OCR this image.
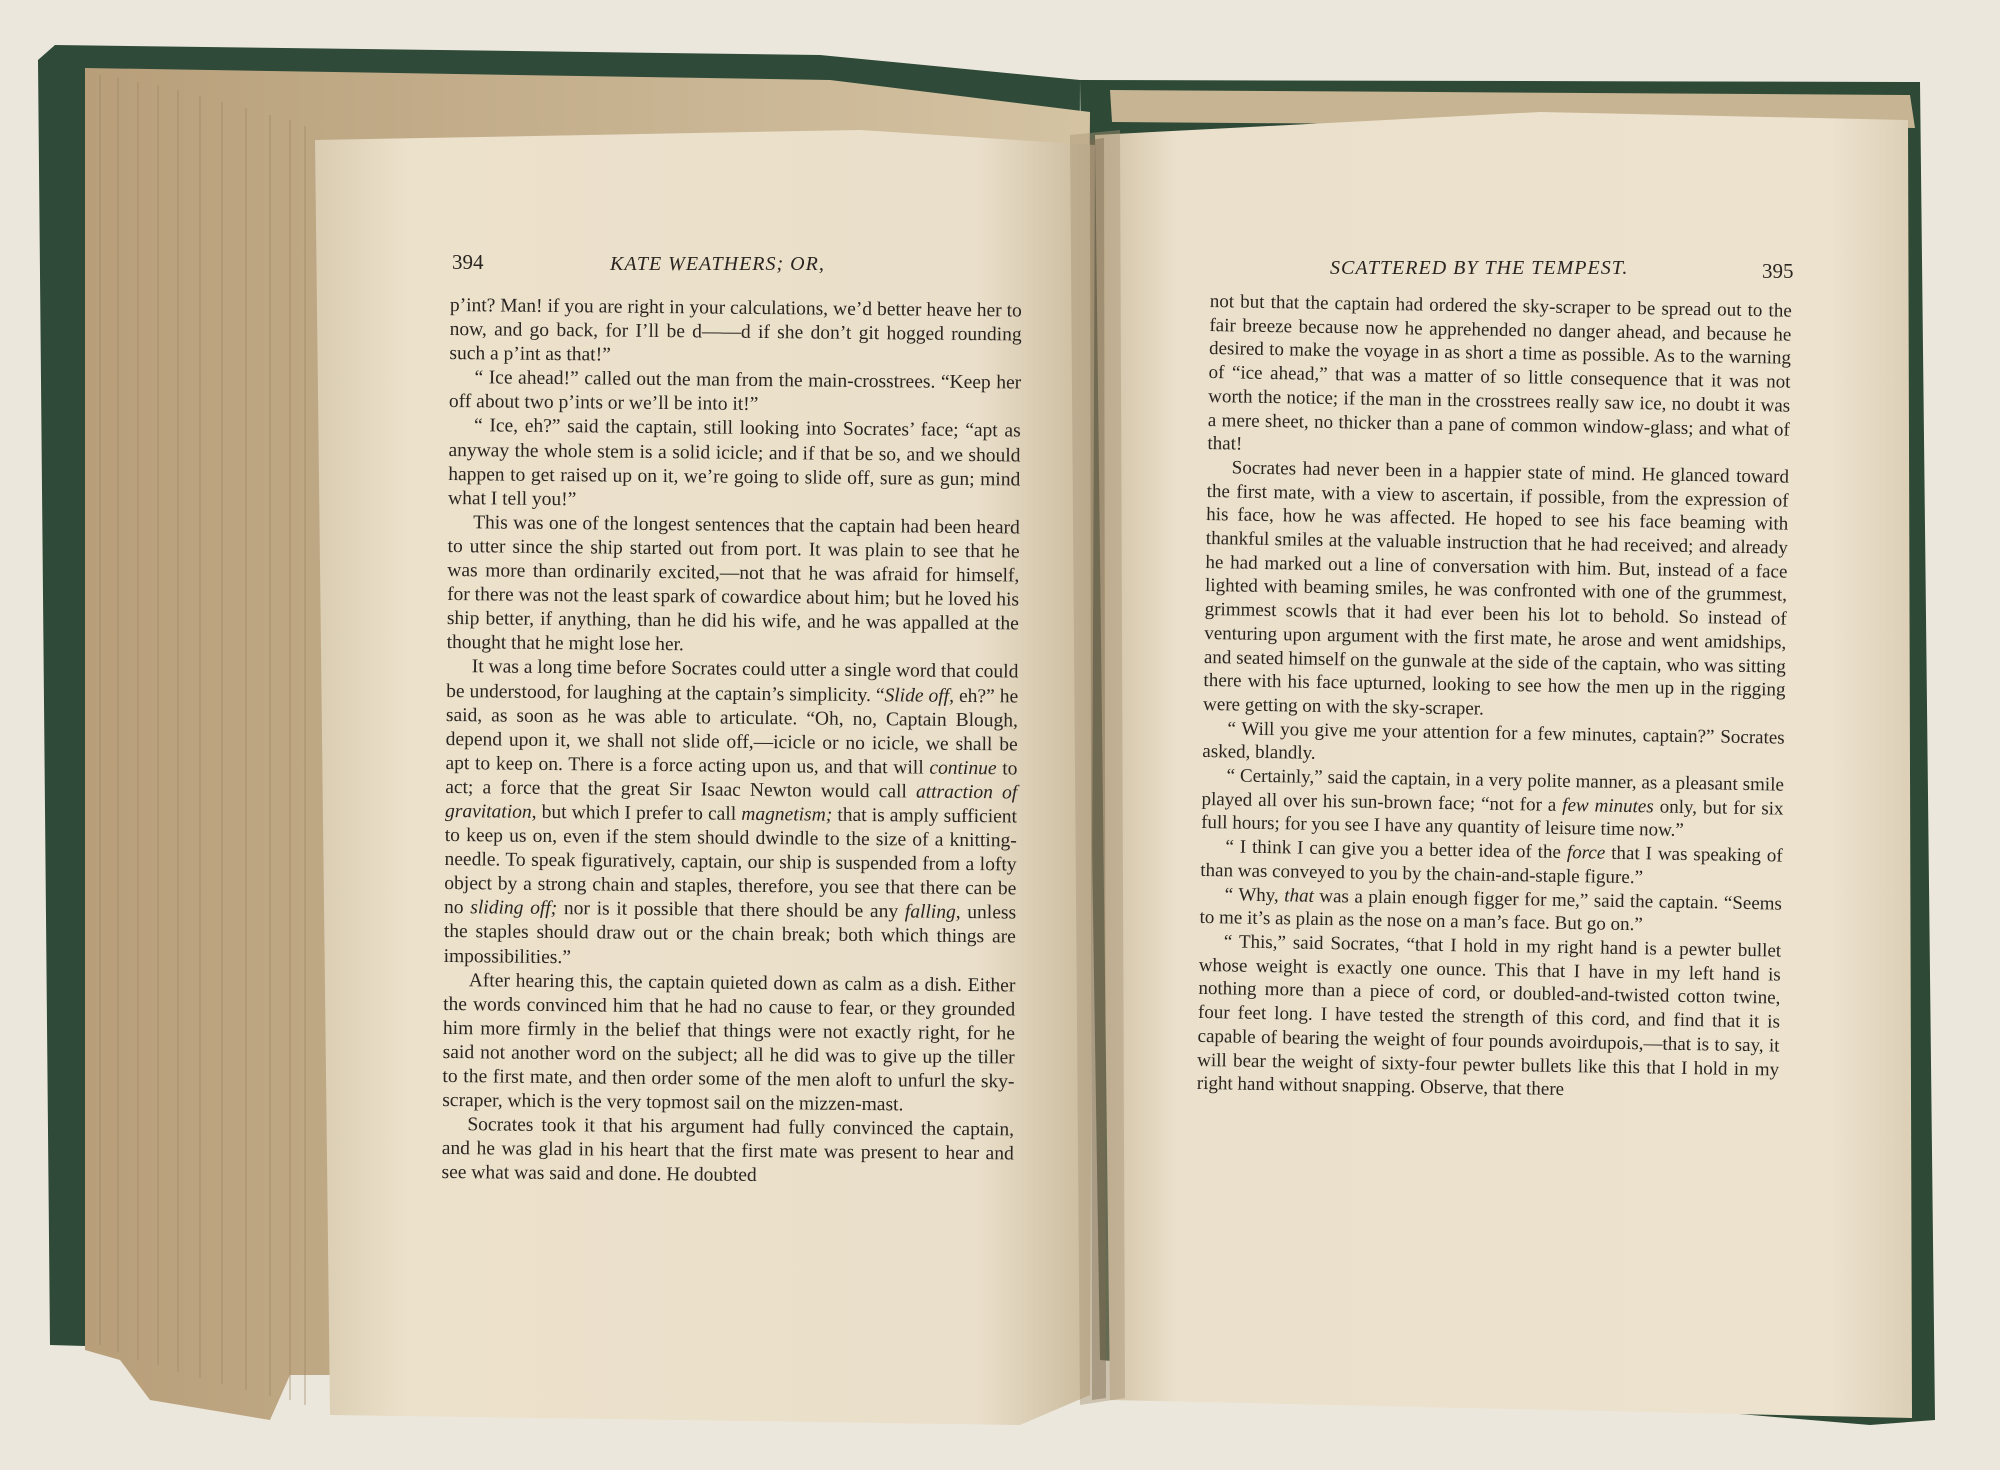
394	KATE WEATHERS; OR,	SCATTERED BY THE TEMPEST.	395

p’int? Man! if you are right in your calculations, we’d better heave her to now, and go back, for I’ll be d——d if she don’t git hogged rounding such a p’int as that!”

“ Ice ahead!” called out the man from the main-crosstrees. “Keep her off about two p’ints or we’ll be into it!”

“ Ice, eh?” said the captain, still looking into Socrates’ face; “apt as anyway the whole stem is a solid icicle; and if that be so, and we should happen to get raised up on it, we’re going to slide off, sure as gun; mind what I tell you!”

This was one of the longest sentences that the captain had been heard to utter since the ship started out from port. It was plain to see that he was more than ordinarily excited,—not that he was afraid for himself, for there was not the least spark of cowardice about him; but he loved his ship better, if anything, than he did his wife, and he was appalled at the thought that he might lose her.

It was a long time before Socrates could utter a single word that could be understood, for laughing at the captain’s simplicity. “Slide off, eh?” he said, as soon as he was able to articulate. “Oh, no, Captain Blough, depend upon it, we shall not slide off,—icicle or no icicle, we shall be apt to keep on. There is a force acting upon us, and that will continue to act; a force that the great Sir Isaac Newton would call attraction of gravitation, but which I prefer to call magnetism; that is amply sufficient to keep us on, even if the stem should dwindle to the size of a knitting-needle. To speak figuratively, captain, our ship is suspended from a lofty object by a strong chain and staples, therefore, you see that there can be no sliding off; nor is it possible that there should be any falling, unless the staples should draw out or the chain break; both which things are impossibilities.”

After hearing this, the captain quieted down as calm as a dish. Either the words convinced him that he had no cause to fear, or they grounded him more firmly in the belief that things were not exactly right, for he said not another word on the subject; all he did was to give up the tiller to the first mate, and then order some of the men aloft to unfurl the sky-scraper, which is the very topmost sail on the mizzen-mast.

Socrates took it that his argument had fully convinced the captain, and he was glad in his heart that the first mate was present to hear and see what was said and done. He doubted

not but that the captain had ordered the sky-scraper to be spread out to the fair breeze because now he apprehended no danger ahead, and because he desired to make the voyage in as short a time as possible. As to the warning of “ice ahead,” that was a matter of so little consequence that it was not worth the notice; if the man in the crosstrees really saw ice, no doubt it was a mere sheet, no thicker than a pane of common window-glass; and what of that!

Socrates had never been in a happier state of mind. He glanced toward the first mate, with a view to ascertain, if possible, from the expression of his face, how he was affected. He hoped to see his face beaming with thankful smiles at the valuable instruction that he had received; and already he had marked out a line of conversation with him. But, instead of a face lighted with beaming smiles, he was confronted with one of the grummest, grimmest scowls that it had ever been his lot to behold. So instead of venturing upon argument with the first mate, he arose and went amidships, and seated himself on the gunwale at the side of the captain, who was sitting there with his face upturned, looking to see how the men up in the rigging were getting on with the sky-scraper.

“ Will you give me your attention for a few minutes, captain?” Socrates asked, blandly.

“ Certainly,” said the captain, in a very polite manner, as a pleasant smile played all over his sun-brown face; “not for a few minutes only, but for six full hours; for you see I have any quantity of leisure time now.”

“ I think I can give you a better idea of the force that I was speaking of than was conveyed to you by the chain-and-staple figure.”

“ Why, that was a plain enough figger for me,” said the captain. “Seems to me it’s as plain as the nose on a man’s face. But go on.”

“ This,” said Socrates, “that I hold in my right hand is a pewter bullet whose weight is exactly one ounce. This that I have in my left hand is nothing more than a piece of cord, or doubled-and-twisted cotton twine, four feet long. I have tested the strength of this cord, and find that it is capable of bearing the weight of four pounds avoirdupois,—that is to say, it will bear the weight of sixty-four pewter bullets like this that I hold in my right hand without snapping. Observe, that there
